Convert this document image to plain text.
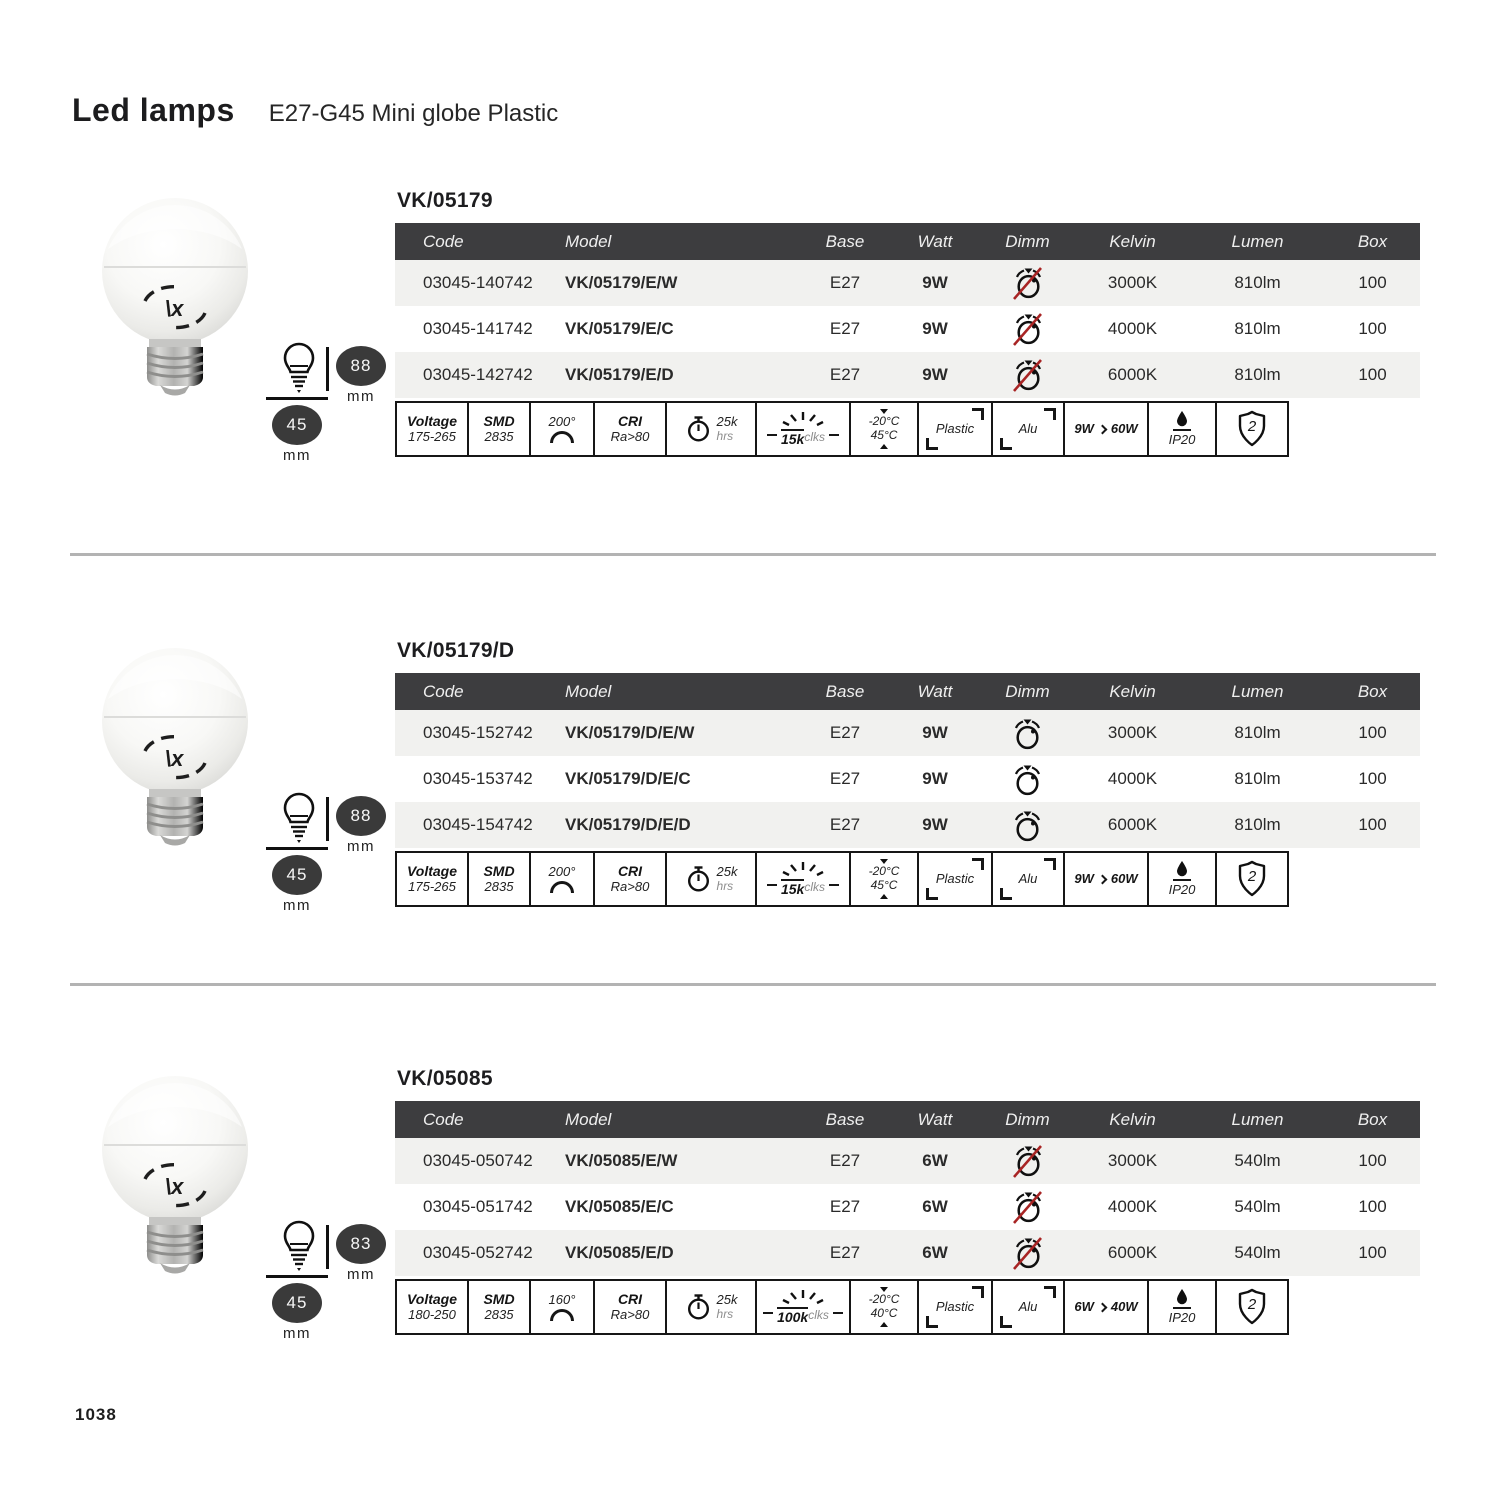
Led lamps E27-G45 Mini globe Plastic
\x
88
mm
45
mm
VK/05179
Code	Model	Base	Watt	Dimm	Kelvin	Lumen	Box
03045-140742	VK/05179/E/W	E27	9W	3000K	810lm	100
03045-141742	VK/05179/E/C	E27	9W	4000K	810lm	100
03045-142742	VK/05179/E/D	E27	9W	6000K	810lm	100
Voltage
175-265
SMD
2835
200°	CRI
Ra>80
25k
hrs	15k clks
-20°C
45°C	Plastic	Alu	9W 60W
IP20
2
\x
88
mm
45
mm
VK/05179/D
Code	Model	Base	Watt	Dimm	Kelvin	Lumen	Box
03045-152742	VK/05179/D/E/W	E27	9W	3000K	810lm	100
03045-153742	VK/05179/D/E/C	E27	9W	4000K	810lm	100
03045-154742	VK/05179/D/E/D	E27	9W	6000K	810lm	100
Voltage
175-265
SMD
2835
200°	CRI
Ra>80
25k
hrs	15k clks
-20°C
45°C	Plastic	Alu	9W 60W
IP20
2
\x
83
mm
45
mm
VK/05085
Code	Model	Base	Watt	Dimm	Kelvin	Lumen	Box
03045-050742	VK/05085/E/W	E27	6W	3000K	540lm	100
03045-051742	VK/05085/E/C	E27	6W	4000K	540lm	100
03045-052742	VK/05085/E/D	E27	6W	6000K	540lm	100
Voltage
180-250
SMD
2835
160°	CRI
Ra>80
25k
hrs	100k clks
-20°C
40°C	Plastic	Alu	6W 40W
IP20
2
1038
